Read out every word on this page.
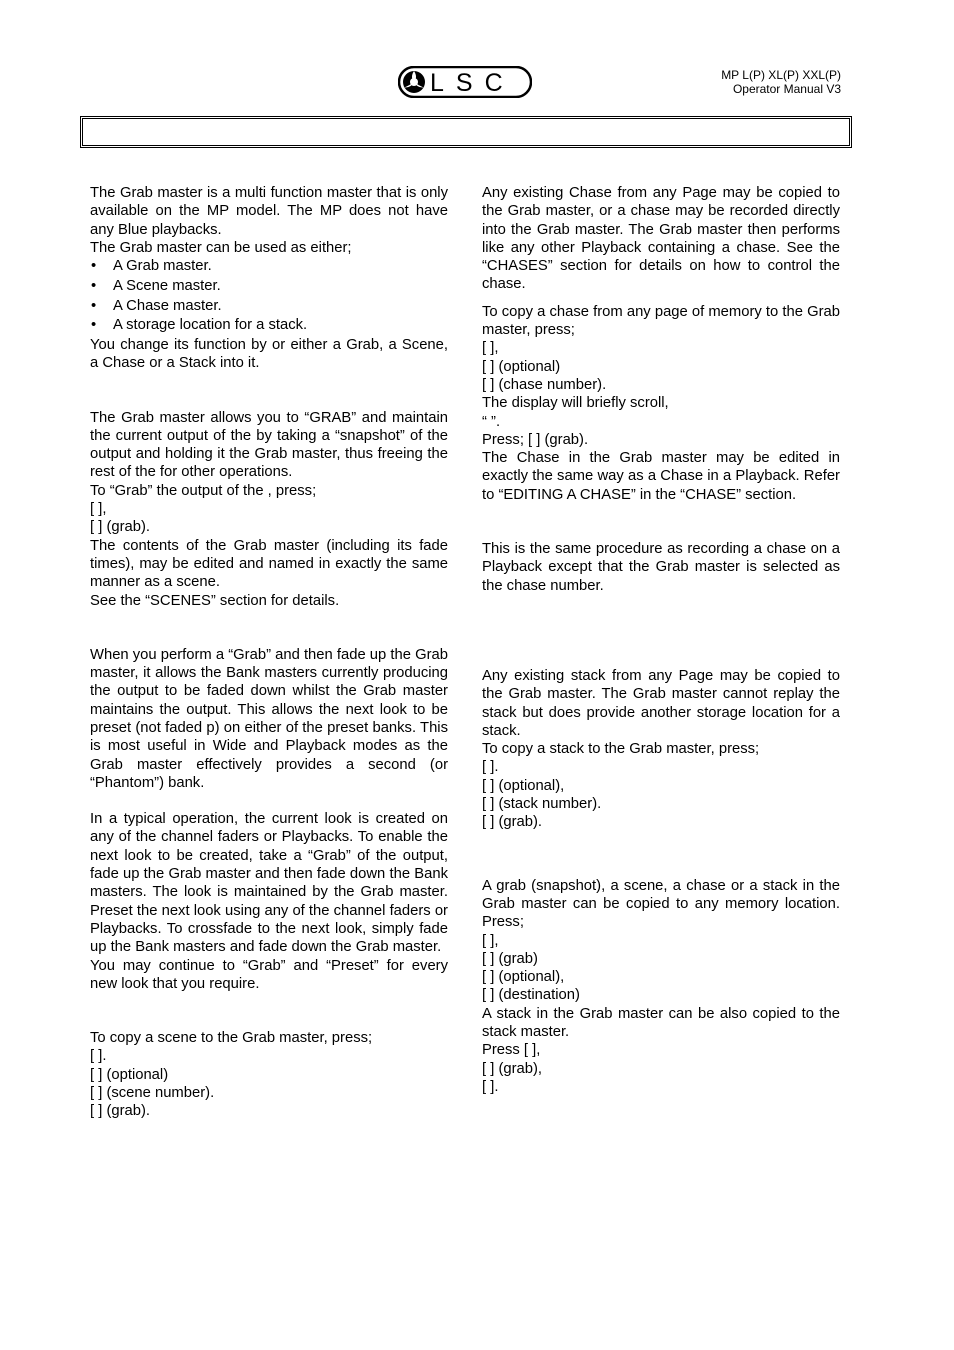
LSC	MP L(P) XL(P) XXL(P)
Operator Manual V3

The Grab master is a multi function master that is only available on the MP model. The MP does not have any Blue playbacks.

The Grab master can be used as either;

• A Grab master.
• A Scene master.
• A Chase master.
• A storage location for a stack.

You change its function by or either a Grab, a Scene, a Chase or a Stack into it.

The Grab master allows you to “GRAB” and maintain the current output of the by taking a “snapshot” of the output and holding it the Grab master, thus freeing the rest of the for other operations.

To “Grab” the output of the , press;

[ ],

[ ] (grab).

The contents of the Grab master (including its fade times), may be edited and named in exactly the same manner as a scene.

See the “SCENES” section for details.

When you perform a “Grab” and then fade up the Grab master, it allows the Bank masters currently producing the output to be faded down whilst the Grab master maintains the output. This allows the next look to be preset (not faded p) on either of the preset banks. This is most useful in Wide and Playback modes as the Grab master effectively provides a second (or “Phantom”) bank.

In a typical operation, the current look is created on any of the channel faders or Playbacks. To enable the next look to be created, take a “Grab” of the output, fade up the Grab master and then fade down the Bank masters. The look is maintained by the Grab master. Preset the next look using any of the channel faders or Playbacks. To crossfade to the next look, simply fade up the Bank masters and fade down the Grab master.

You may continue to “Grab” and “Preset” for every new look that you require.

To copy a scene to the Grab master, press;

[ ].

[ ] (optional)

[ ] (scene number).

[ ] (grab).

Any existing Chase from any Page may be copied to the Grab master, or a chase may be recorded directly into the Grab master. The Grab master then performs like any other Playback containing a chase. See the “CHASES” section for details on how to control the chase.

To copy a chase from any page of memory to the Grab master, press;

[ ],

[ ] (optional)

[ ] (chase number).

The display will briefly scroll,

“ ”.

Press; [ ] (grab).

The Chase in the Grab master may be edited in exactly the same way as a Chase in a Playback. Refer to “EDITING A CHASE” in the “CHASE” section.

This is the same procedure as recording a chase on a Playback except that the Grab master is selected as the chase number.

Any existing stack from any Page may be copied to the Grab master. The Grab master cannot replay the stack but does provide another storage location for a stack.

To copy a stack to the Grab master, press;

[ ].

[ ] (optional),

[ ] (stack number).

[ ] (grab).

A grab (snapshot), a scene, a chase or a stack in the Grab master can be copied to any memory location. Press;

[ ],

[ ] (grab)

[ ] (optional),

[ ] (destination)

A stack in the Grab master can be also copied to the stack master.

Press [ ],

[ ] (grab),

[ ].
